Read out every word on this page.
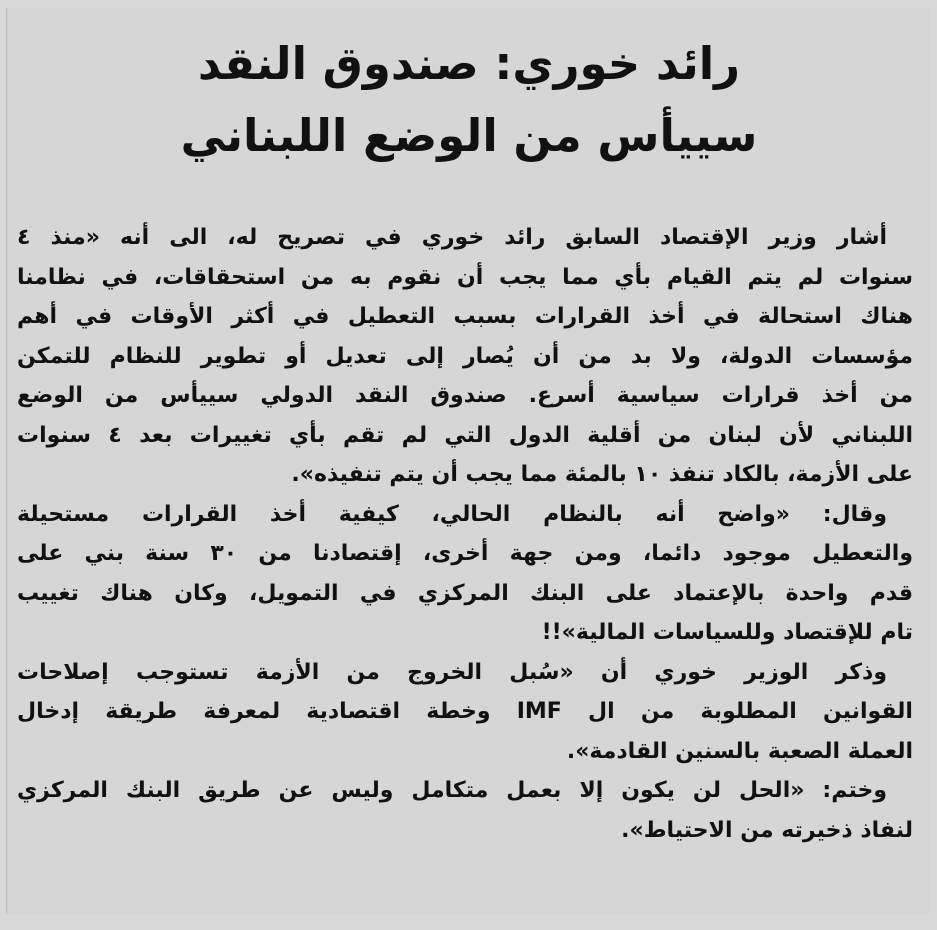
رائد خوري: صندوق النقد
سييأس من الوضع اللبناني
أشار وزير الإقتصاد السابق رائد خوري في تصريح له، الى أنه «منذ ٤
سنوات لم يتم القيام بأي مما يجب أن نقوم به من استحقاقات، في نظامنا
هناك استحالة في أخذ القرارات بسبب التعطيل في أكثر الأوقات في أهم
مؤسسات الدولة، ولا بد من أن يُصار إلى تعديل أو تطوير للنظام للتمكن
من أخذ قرارات سياسية أسرع. صندوق النقد الدولي سييأس من الوضع
اللبناني لأن لبنان من أقلية الدول التي لم تقم بأي تغييرات بعد ٤ سنوات
على الأزمة، بالكاد تنفذ ١٠ بالمئة مما يجب أن يتم تنفيذه».
وقال: «واضح أنه بالنظام الحالي، كيفية أخذ القرارات مستحيلة
والتعطيل موجود دائما، ومن جهة أخرى، إقتصادنا من ٣٠ سنة بني على
قدم واحدة بالإعتماد على البنك المركزي في التمويل، وكان هناك تغييب
تام للإقتصاد وللسياسات المالية»!!
وذكر الوزير خوري أن «سُبل الخروج من الأزمة تستوجب إصلاحات
القوانين المطلوبة من ال IMF وخطة اقتصادية لمعرفة طريقة إدخال
العملة الصعبة بالسنين القادمة».
وختم: «الحل لن يكون إلا بعمل متكامل وليس عن طريق البنك المركزي
لنفاذ ذخيرته من الاحتياط».
